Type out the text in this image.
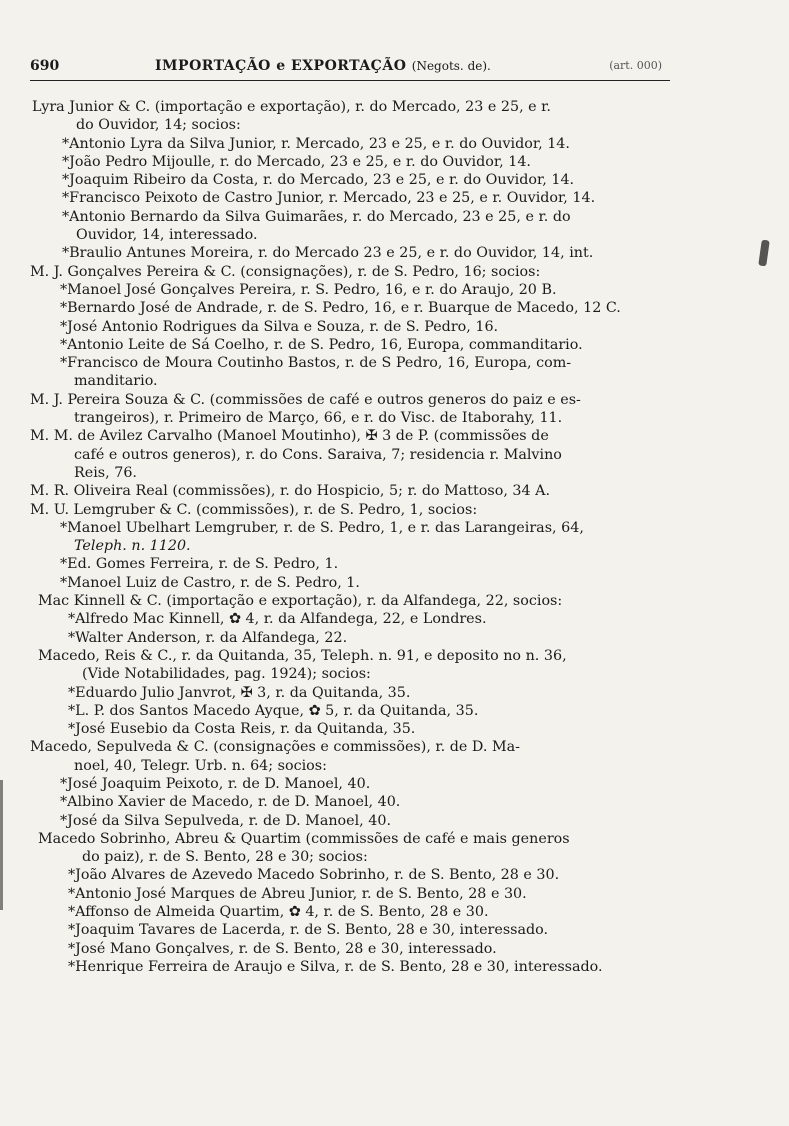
690	IMPORTAÇÃO e EXPORTAÇÃO (Negots. de).	(art. 000)
Lyra Junior & C. (importação e exportação), r. do Mercado, 23 e 25, e r.
do Ouvidor, 14; socios:
*Antonio Lyra da Silva Junior, r. Mercado, 23 e 25, e r. do Ouvidor, 14.
*João Pedro Mijoulle, r. do Mercado, 23 e 25, e r. do Ouvidor, 14.
*Joaquim Ribeiro da Costa, r. do Mercado, 23 e 25, e r. do Ouvidor, 14.
*Francisco Peixoto de Castro Junior, r. Mercado, 23 e 25, e r. Ouvidor, 14.
*Antonio Bernardo da Silva Guimarães, r. do Mercado, 23 e 25, e r. do
Ouvidor, 14, interessado.
*Braulio Antunes Moreira, r. do Mercado 23 e 25, e r. do Ouvidor, 14, int.
M. J. Gonçalves Pereira & C. (consignações), r. de S. Pedro, 16; socios:
*Manoel José Gonçalves Pereira, r. S. Pedro, 16, e r. do Araujo, 20 B.
*Bernardo José de Andrade, r. de S. Pedro, 16, e r. Buarque de Macedo, 12 C.
*José Antonio Rodrigues da Silva e Souza, r. de S. Pedro, 16.
*Antonio Leite de Sá Coelho, r. de S. Pedro, 16, Europa, commanditario.
*Francisco de Moura Coutinho Bastos, r. de S Pedro, 16, Europa, com-
manditario.
M. J. Pereira Souza & C. (commissões de café e outros generos do paiz e es-
trangeiros), r. Primeiro de Março, 66, e r. do Visc. de Itaborahy, 11.
M. M. de Avilez Carvalho (Manoel Moutinho), ✠ 3 de P. (commissões de
café e outros generos), r. do Cons. Saraiva, 7; residencia r. Malvino
Reis, 76.
M. R. Oliveira Real (commissões), r. do Hospicio, 5; r. do Mattoso, 34 A.
M. U. Lemgruber & C. (commissões), r. de S. Pedro, 1, socios:
*Manoel Ubelhart Lemgruber, r. de S. Pedro, 1, e r. das Larangeiras, 64,
Teleph. n. 1120.
*Ed. Gomes Ferreira, r. de S. Pedro, 1.
*Manoel Luiz de Castro, r. de S. Pedro, 1.
Mac Kinnell & C. (importação e exportação), r. da Alfandega, 22, socios:
*Alfredo Mac Kinnell, ✿ 4, r. da Alfandega, 22, e Londres.
*Walter Anderson, r. da Alfandega, 22.
Macedo, Reis & C., r. da Quitanda, 35, Teleph. n. 91, e deposito no n. 36,
(Vide Notabilidades, pag. 1924); socios:
*Eduardo Julio Janvrot, ✠ 3, r. da Quitanda, 35.
*L. P. dos Santos Macedo Ayque, ✿ 5, r. da Quitanda, 35.
*José Eusebio da Costa Reis, r. da Quitanda, 35.
Macedo, Sepulveda & C. (consignações e commissões), r. de D. Ma-
noel, 40, Telegr. Urb. n. 64; socios:
*José Joaquim Peixoto, r. de D. Manoel, 40.
*Albino Xavier de Macedo, r. de D. Manoel, 40.
*José da Silva Sepulveda, r. de D. Manoel, 40.
Macedo Sobrinho, Abreu & Quartim (commissões de café e mais generos
do paiz), r. de S. Bento, 28 e 30; socios:
*João Alvares de Azevedo Macedo Sobrinho, r. de S. Bento, 28 e 30.
*Antonio José Marques de Abreu Junior, r. de S. Bento, 28 e 30.
*Affonso de Almeida Quartim, ✿ 4, r. de S. Bento, 28 e 30.
*Joaquim Tavares de Lacerda, r. de S. Bento, 28 e 30, interessado.
*José Mano Gonçalves, r. de S. Bento, 28 e 30, interessado.
*Henrique Ferreira de Araujo e Silva, r. de S. Bento, 28 e 30, interessado.
